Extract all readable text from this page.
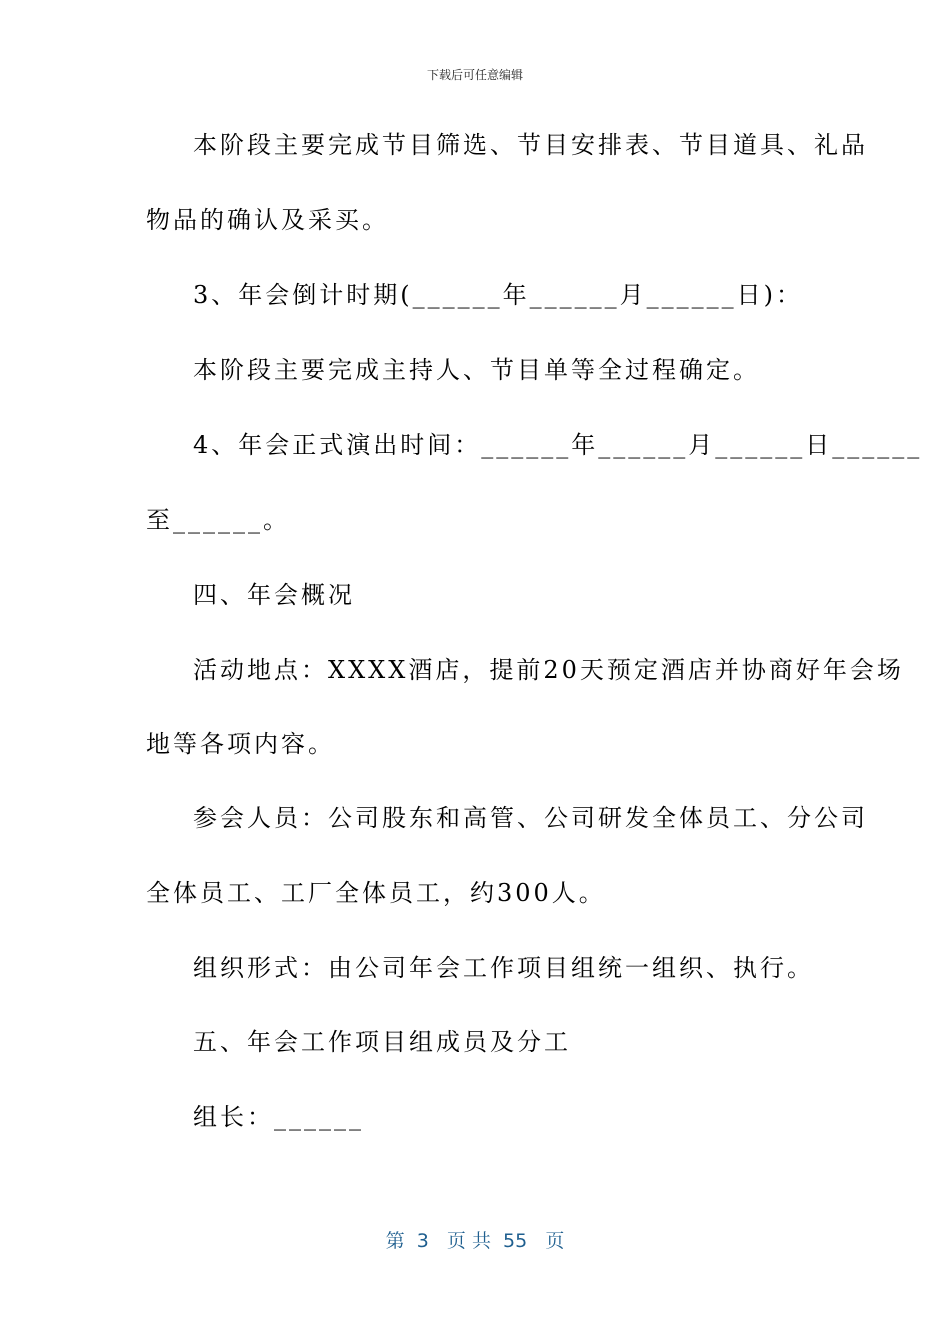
下载后可任意编辑
本阶段主要完成节目筛选、节目安排表、节目道具、礼品
物品的确认及采买。
3、年会倒计时期(______年______月______日)：
本阶段主要完成主持人、节目单等全过程确定。
4、年会正式演出时间：______年______月______日______
至______。
四、年会概况
活动地点：XXXX酒店，提前20天预定酒店并协商好年会场
地等各项内容。
参会人员：公司股东和高管、公司研发全体员工、分公司
全体员工、工厂全体员工，约300人。
组织形式：由公司年会工作项目组统一组织、执行。
五、年会工作项目组成员及分工
组长：______
第  3   页 共  55   页
